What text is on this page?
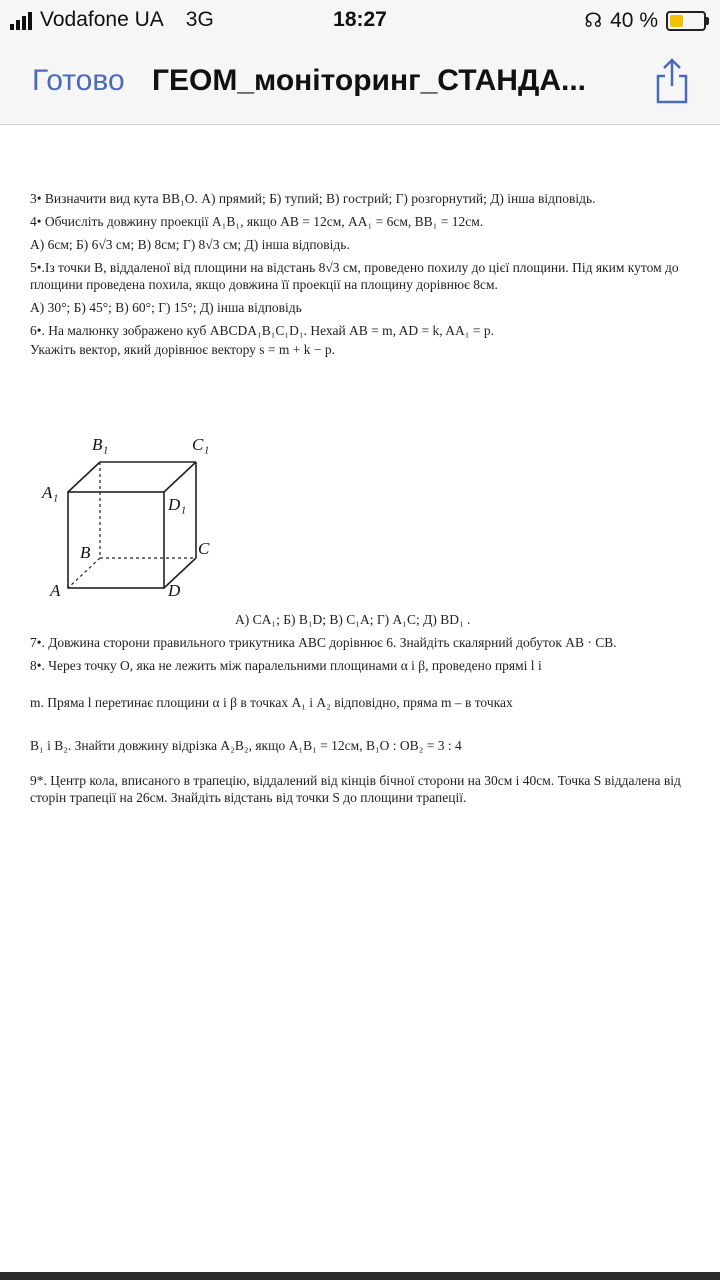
Vodafone UA 3G	18:27	☊ 40 %
Готово ГЕОМ_моніторинг_СТАНДА...

3• Визначити вид кута BB₁O. А) прямий; Б) тупий; В) гострий; Г) розгорнутий; Д) інша відповідь.

4• Обчисліть довжину проекції A₁B₁, якщо AB = 12см, AA₁ = 6см, BB₁ = 12см.

А) 6см; Б) 6√3 см; В) 8см; Г) 8√3 см; Д) інша відповідь.

5•.Із точки В, віддаленої від площини на відстань 8√3 см, проведено похилу до цієї площини. Під яким кутом до площини проведена похила, якщо довжина її проекції на площину дорівнює 8см.

А) 30°; Б) 45°; В) 60°; Г) 15°; Д) інша відповідь

6•. На малюнку зображено куб ABCDA₁B₁C₁D₁. Нехай AB = m, AD = k, AA₁ = p.

Укажіть вектор, який дорівнює вектору s = m + k − p.

B₁	C₁
A₁
D₁
B	C
A	D
А) CA₁; Б) B₁D; В) C₁A; Г) A₁C; Д) BD₁ .

7•. Довжина сторони правильного трикутника АВС дорівнює 6. Знайдіть скалярний добуток AB · CB.

8•. Через точку О, яка не лежить між паралельними площинами α і β, проведено прямі l і

m. Пряма l перетинає площини α і β в точках A₁ і A₂ відповідно, пряма m – в точках

B₁ і B₂. Знайти довжину відрізка A₂B₂, якщо A₁B₁ = 12см, B₁O : OB₂ = 3 : 4

9*. Центр кола, вписаного в трапецію, віддалений від кінців бічної сторони на 30см і 40см. Точка S віддалена від сторін трапеції на 26см. Знайдіть відстань від точки S до площини трапеції.
